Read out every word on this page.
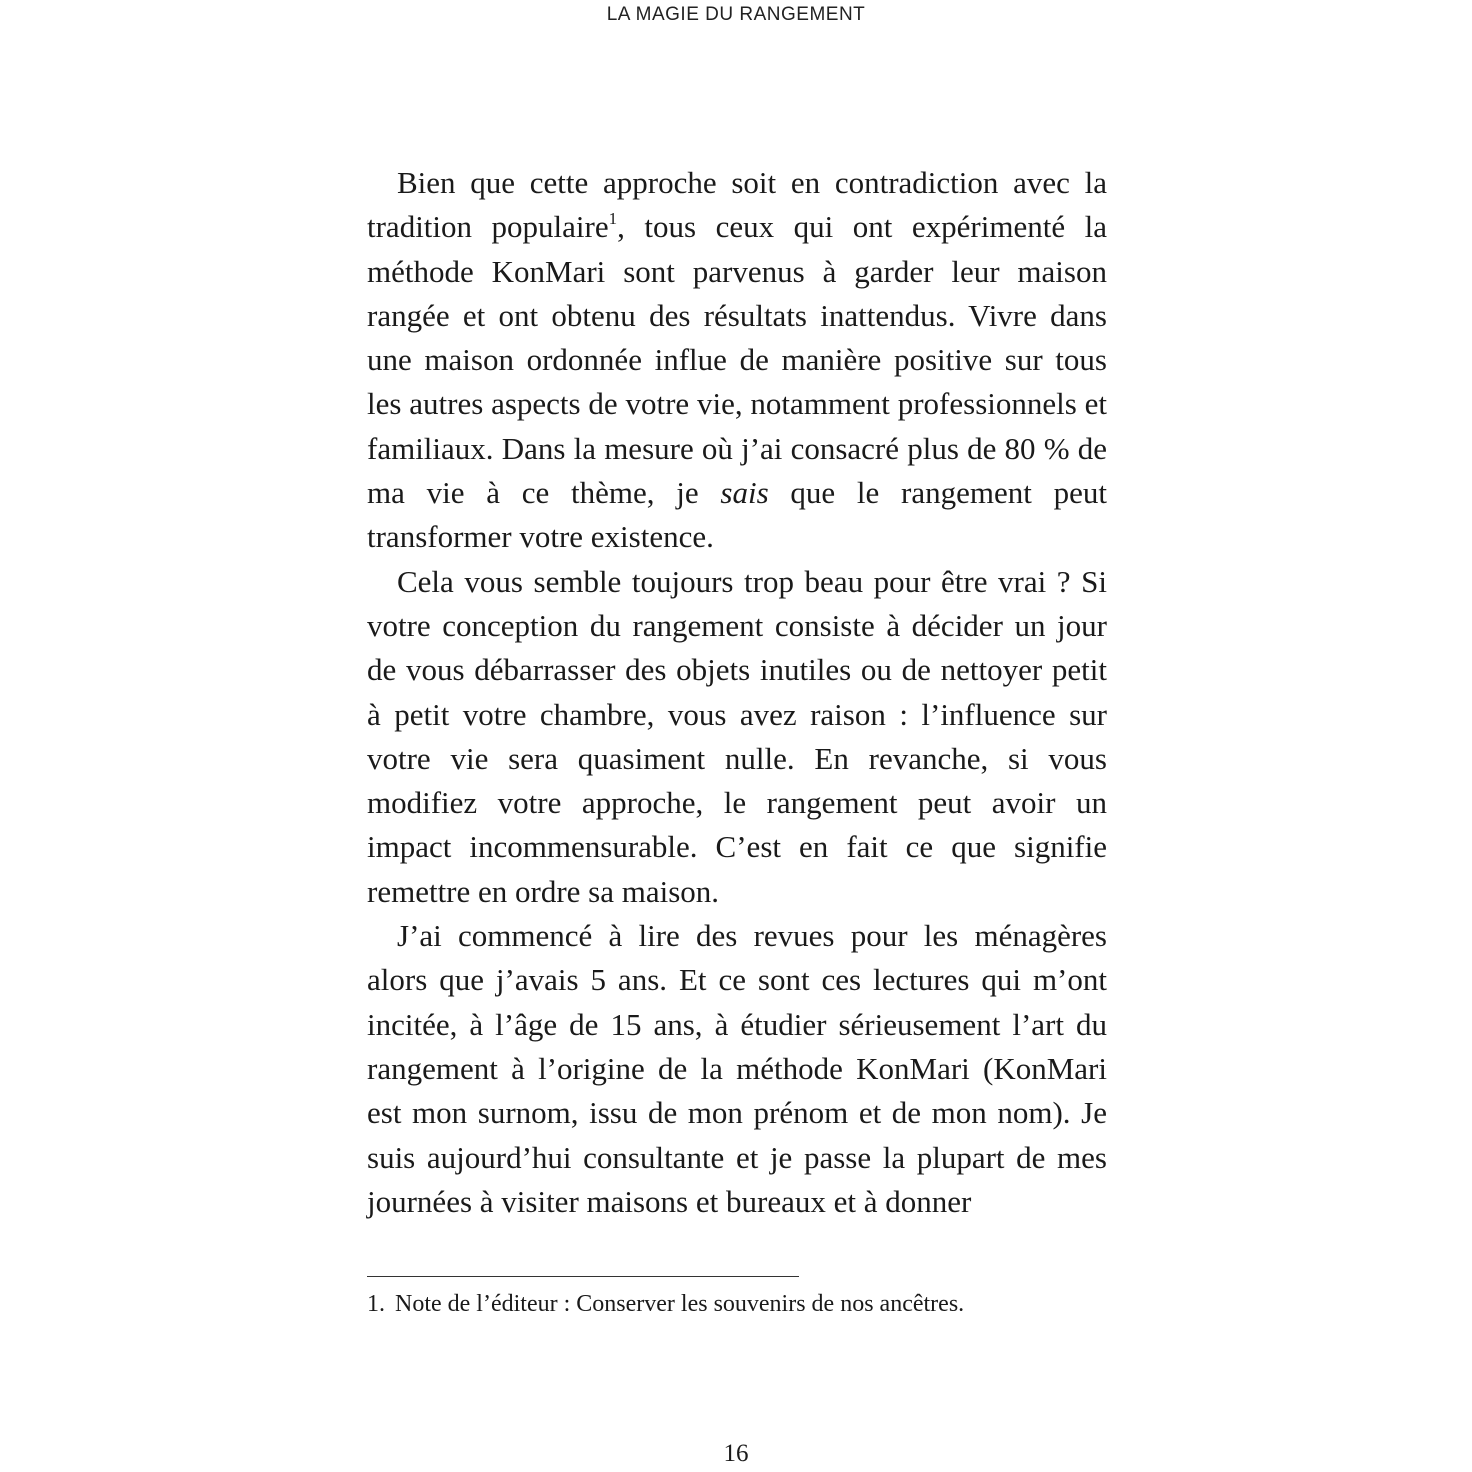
LA MAGIE DU RANGEMENT

Bien que cette approche soit en contradiction avec la tradition populaire$^1$, tous ceux qui ont expérimenté la méthode KonMari sont parvenus à garder leur maison rangée et ont obtenu des résultats inattendus. Vivre dans une maison ordonnée influe de manière positive sur tous les autres aspects de votre vie, notamment professionnels et familiaux. Dans la mesure où j’ai consacré plus de 80 % de ma vie à ce thème, je sais que le rangement peut transformer votre existence.

Cela vous semble toujours trop beau pour être vrai ? Si votre conception du rangement consiste à décider un jour de vous débarrasser des objets inutiles ou de nettoyer petit à petit votre chambre, vous avez raison : l’influence sur votre vie sera quasiment nulle. En revanche, si vous modifiez votre approche, le rangement peut avoir un impact incommensurable. C’est en fait ce que signifie remettre en ordre sa maison.

J’ai commencé à lire des revues pour les ménagères alors que j’avais 5 ans. Et ce sont ces lectures qui m’ont incitée, à l’âge de 15 ans, à étudier sérieusement l’art du rangement à l’origine de la méthode KonMari (KonMari est mon surnom, issu de mon prénom et de mon nom). Je suis aujourd’hui consultante et je passe la plupart de mes journées à visiter maisons et bureaux et à donner

1. Note de l’éditeur : Conserver les souvenirs de nos ancêtres.
16
